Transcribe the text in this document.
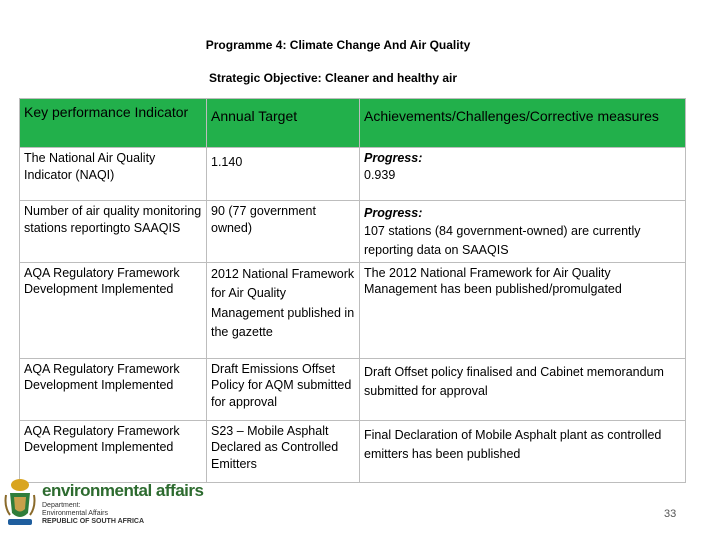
Programme 4: Climate Change And Air Quality
Strategic Objective: Cleaner and healthy air
Key performance Indicator	Annual Target	Achievements/Challenges/Corrective measures
The National Air Quality Indicator (NAQI)	1.140	Progress:
0.939

Number of air quality monitoring stations reportingto SAAQIS	90 (77 government owned)	Progress:
107 stations (84 government-owned) are currently reporting data on SAAQIS

AQA Regulatory Framework Development Implemented	2012 National Framework for Air Quality Management published in the gazette	The 2012 National Framework for Air Quality Management has been published/promulgated
AQA Regulatory Framework Development Implemented	Draft Emissions Offset Policy for AQM submitted for approval	Draft Offset policy finalised and Cabinet memorandum submitted for approval
AQA Regulatory Framework Development Implemented	S23 – Mobile Asphalt Declared as Controlled Emitters	Final Declaration of Mobile Asphalt plant as controlled emitters has been published
environmental affairs
Department:
Environmental Affairs
REPUBLIC OF SOUTH AFRICA
33
